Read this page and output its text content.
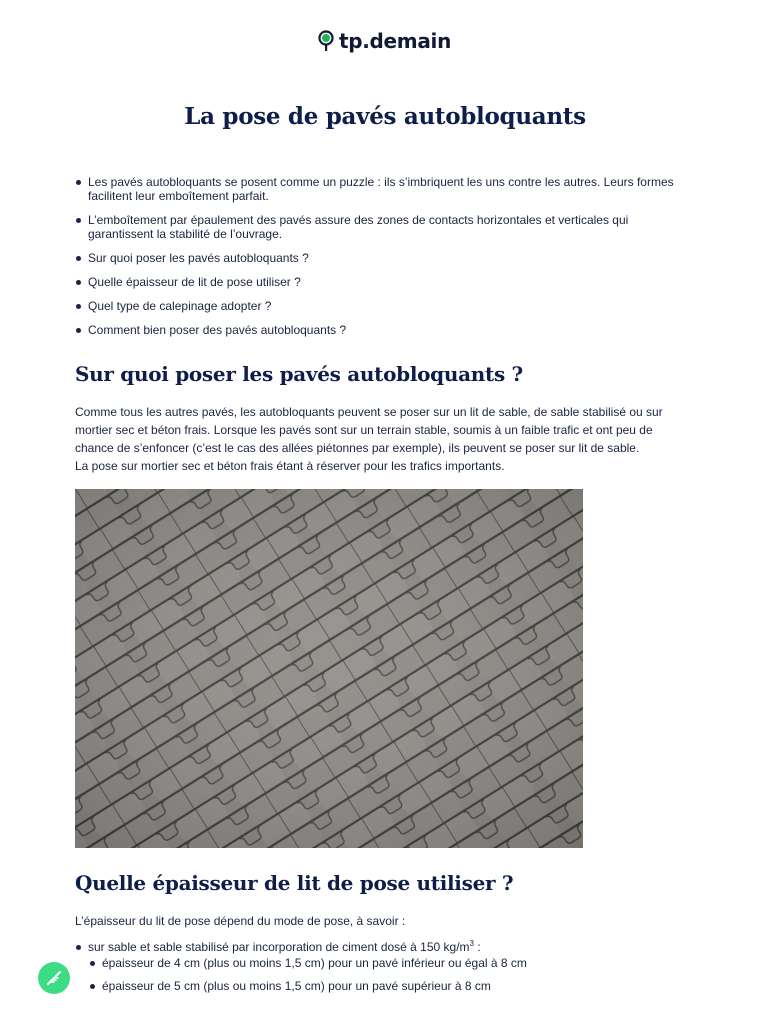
tp.demain
La pose de pavés autobloquants
Les pavés autobloquants se posent comme un puzzle : ils s’imbriquent les uns contre les autres. Leurs formes facilitent leur emboîtement parfait.
L’emboîtement par épaulement des pavés assure des zones de contacts horizontales et verticales qui garantissent la stabilité de l’ouvrage.
Sur quoi poser les pavés autobloquants ?
Quelle épaisseur de lit de pose utiliser ?
Quel type de calepinage adopter ?
Comment bien poser des pavés autobloquants ?
Sur quoi poser les pavés autobloquants ?

Comme tous les autres pavés, les autobloquants peuvent se poser sur un lit de sable, de sable stabilisé ou sur mortier sec et béton frais. Lorsque les pavés sont sur un terrain stable, soumis à un faible trafic et ont peu de chance de s’enfoncer (c’est le cas des allées piétonnes par exemple), ils peuvent se poser sur lit de sable.
La pose sur mortier sec et béton frais étant à réserver pour les trafics importants.

Quelle épaisseur de lit de pose utiliser ?

L’épaisseur du lit de pose dépend du mode de pose, à savoir :

sur sable et sable stabilisé par incorporation de ciment dosé à 150 $kg/m^3$ :
épaisseur de 4 cm (plus ou moins 1,5 cm) pour un pavé inférieur ou égal à 8 cm
épaisseur de 5 cm (plus ou moins 1,5 cm) pour un pavé supérieur à 8 cm
